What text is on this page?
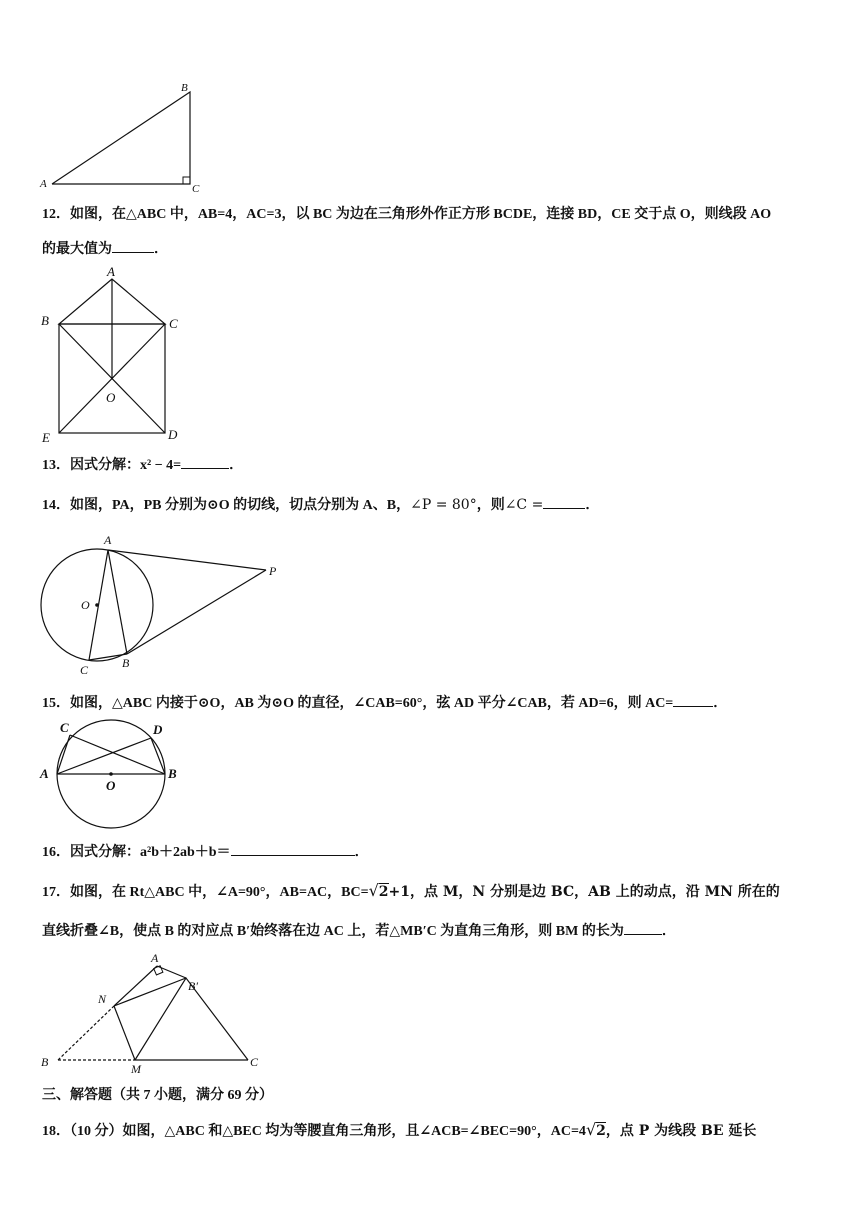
A
B
C
12．如图，在△ABC 中，AB=4，AC=3，以 BC 为边在三角形外作正方形 BCDE，连接 BD，CE 交于点 O，则线段 AO
的最大值为	．
A
B	C
O
E	D
13．因式分解：x² − 4=	．
14．如图，PA，PB 分别为⊙O 的切线，切点分别为 A、B，∠P = 80°，则∠C =	．
A
O
P
C	B
15．如图，△ABC 内接于⊙O，AB 为⊙O 的直径，∠CAB=60°，弦 AD 平分∠CAB，若 AD=6，则 AC=	．
C	D
A	B
O
16．因式分解：a²b＋2ab＋b＝	．
17．如图，在 Rt△ABC 中，∠A=90°，AB=AC，BC=√2+1，点 M，N 分别是边 BC，AB 上的动点，沿 MN 所在的
直线折叠∠B，使点 B 的对应点 B′始终落在边 AC 上，若△MB′C 为直角三角形，则 BM 的长为	．
A
N
B′
B	M	C
三、解答题（共 7 小题，满分 69 分）
18．（10 分）如图，△ABC 和△BEC 均为等腰直角三角形，且∠ACB=∠BEC=90°，AC=4√2，点 P 为线段 BE 延长
